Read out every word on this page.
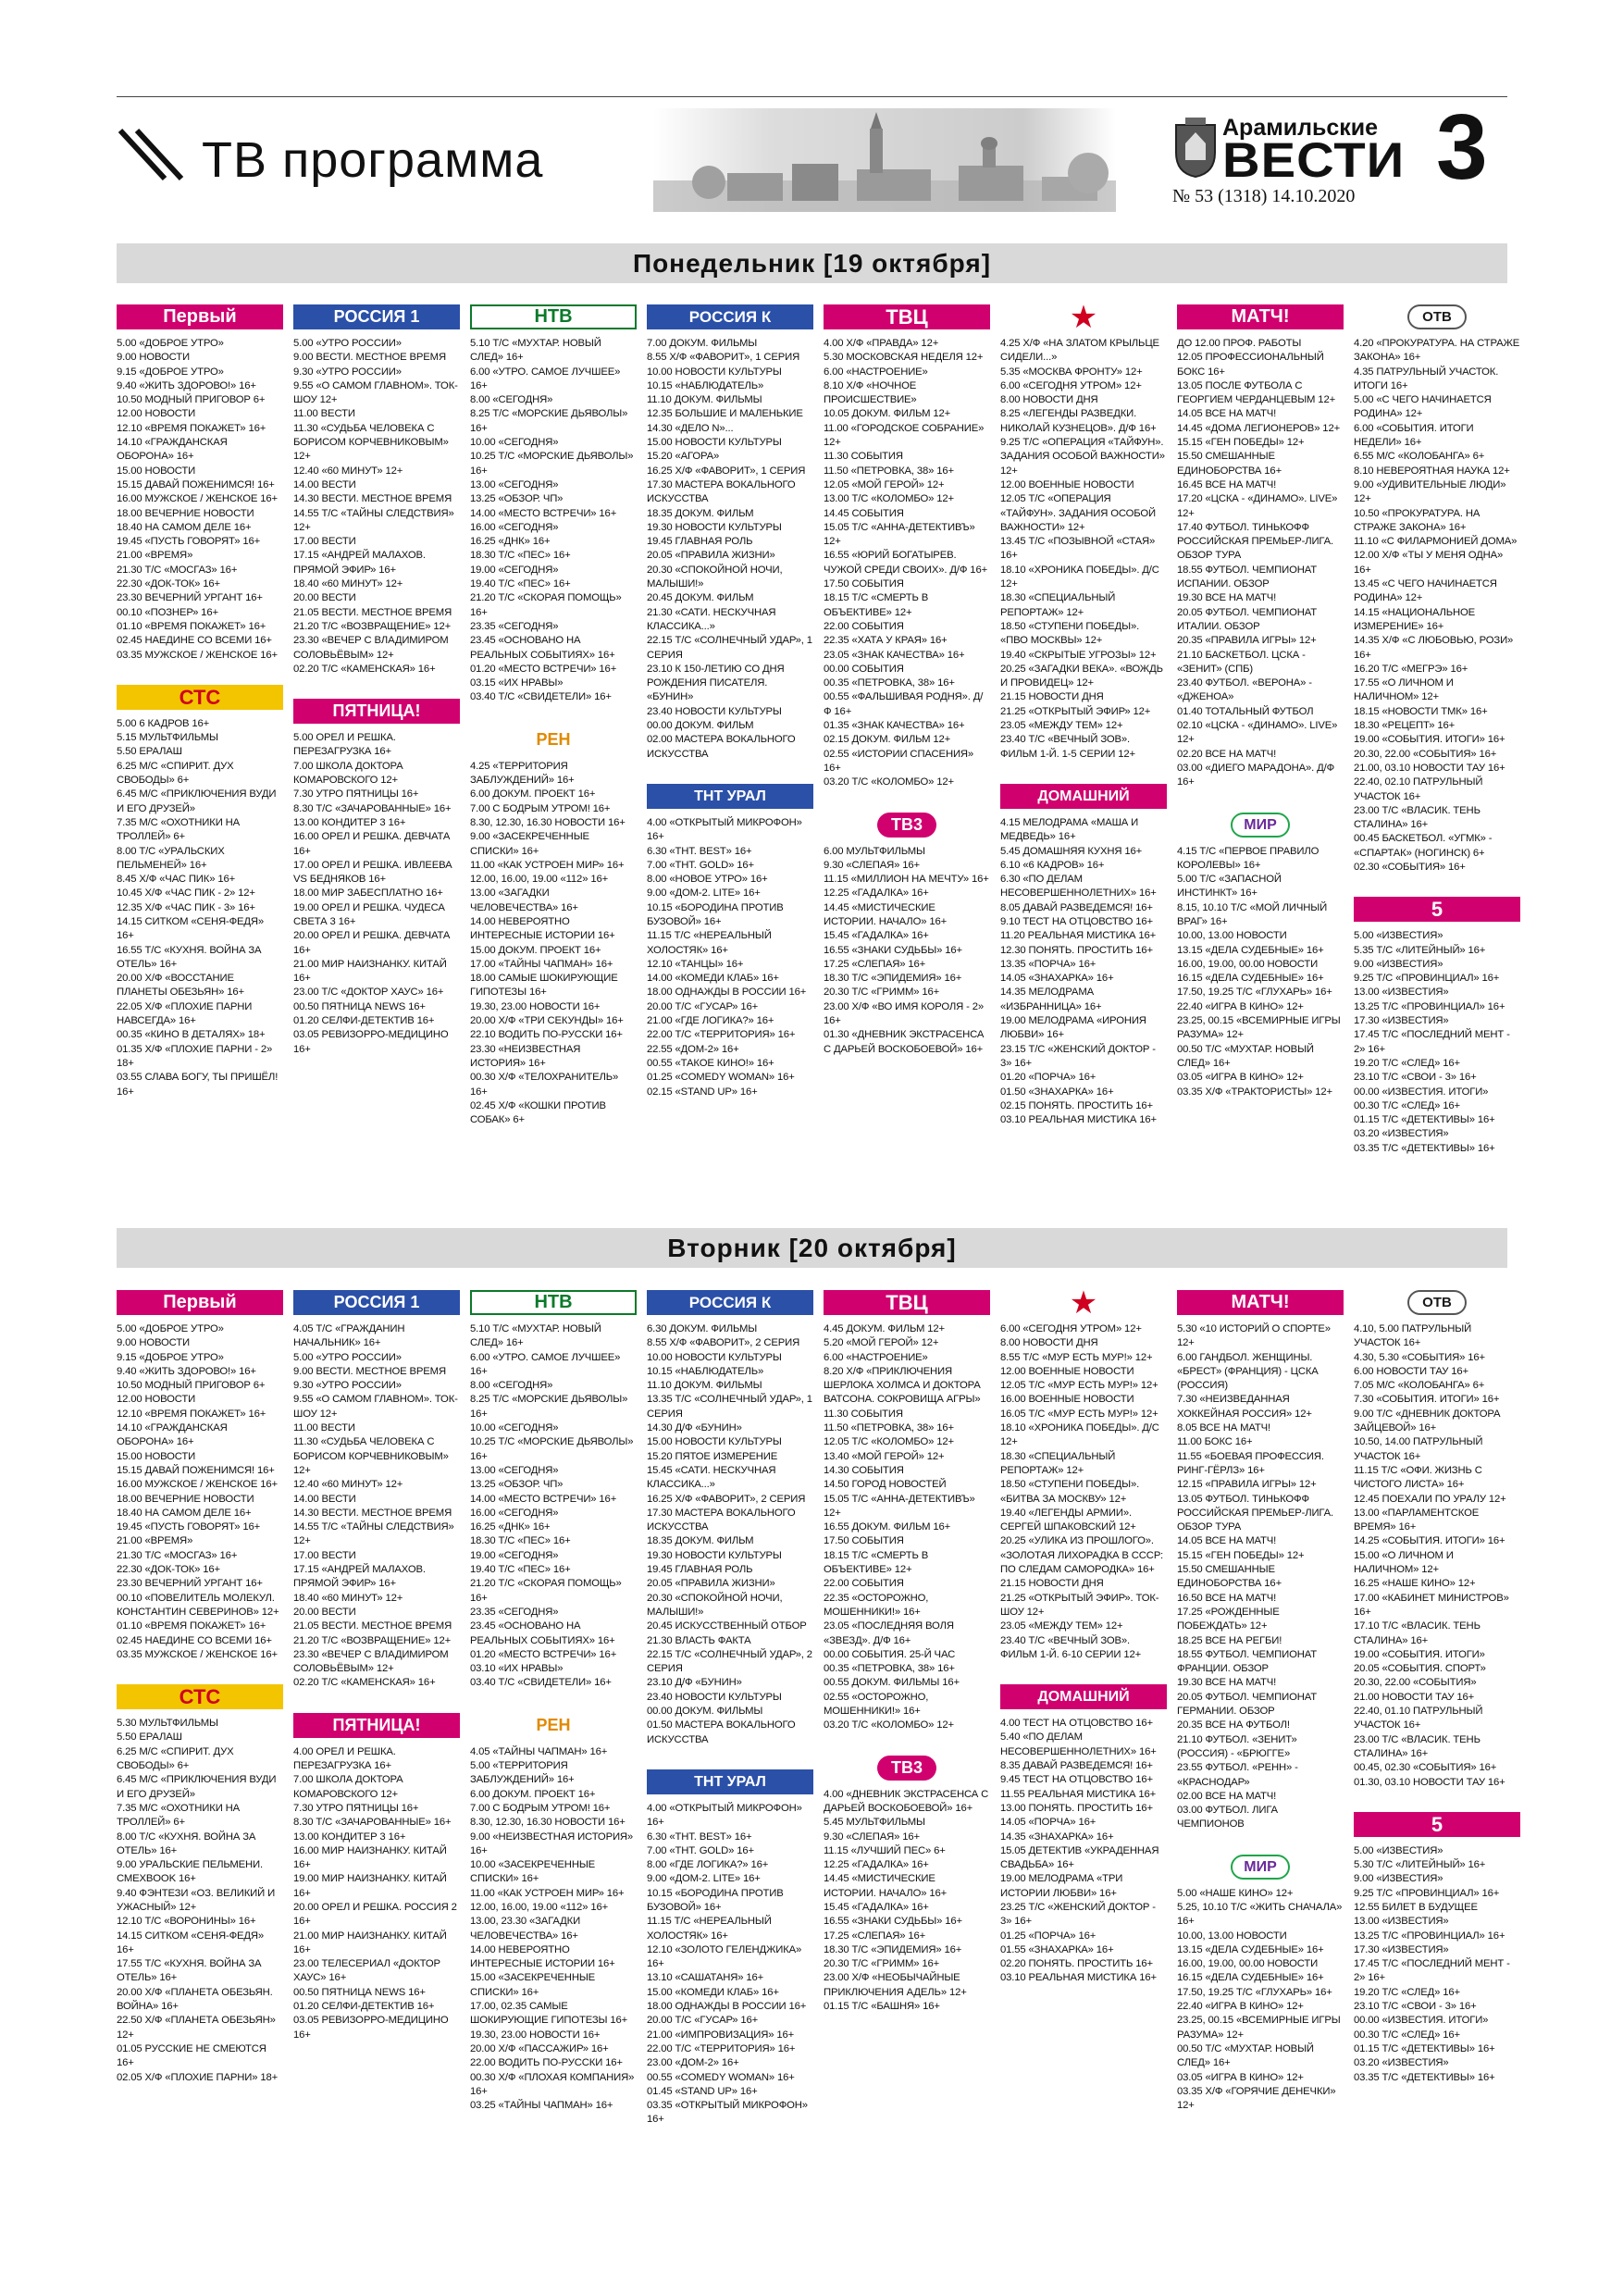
ТВ программа
Арамильские
ВЕСТИ
№ 53 (1318) 14.10.2020 3
Понедельник [19 октября]
Вторник [20 октября]
Первый
5.00 «ДОБРОЕ УТРО»
9.00 НОВОСТИ
9.15 «ДОБРОЕ УТРО»
9.40 «ЖИТЬ ЗДОРОВО!» 16+
10.50 МОДНЫЙ ПРИГОВОР 6+
12.00 НОВОСТИ
12.10 «ВРЕМЯ ПОКАЖЕТ» 16+
14.10 «ГРАЖДАНСКАЯ ОБОРОНА» 16+
15.00 НОВОСТИ
15.15 ДАВАЙ ПОЖЕНИМСЯ! 16+
16.00 МУЖСКОЕ / ЖЕНСКОЕ 16+
18.00 ВЕЧЕРНИЕ НОВОСТИ
18.40 НА САМОМ ДЕЛЕ 16+
19.45 «ПУСТЬ ГОВОРЯТ» 16+
21.00 «ВРЕМЯ»
21.30 Т/С «МОСГАЗ» 16+
22.30 «ДОК-ТОК» 16+
23.30 ВЕЧЕРНИЙ УРГАНТ 16+
00.10 «ПОЗНЕР» 16+
01.10 «ВРЕМЯ ПОКАЖЕТ» 16+
02.45 НАЕДИНЕ СО ВСЕМИ 16+
03.35 МУЖСКОЕ / ЖЕНСКОЕ 16+
СТС
5.00 6 КАДРОВ 16+
5.15 МУЛЬТФИЛЬМЫ
5.50 ЕРАЛАШ
6.25 М/С «СПИРИТ. ДУХ СВОБОДЫ» 6+
6.45 М/С «ПРИКЛЮЧЕНИЯ ВУДИ И ЕГО ДРУЗЕЙ»
7.35 М/С «ОХОТНИКИ НА ТРОЛЛЕЙ» 6+
8.00 Т/С «УРАЛЬСКИХ ПЕЛЬМЕНЕЙ» 16+
8.45 Х/Ф «ЧАС ПИК» 16+
10.45 Х/Ф «ЧАС ПИК - 2» 12+
12.35 Х/Ф «ЧАС ПИК - 3» 16+
14.15 СИТКОМ «СЕНЯ-ФЕДЯ» 16+
16.55 Т/С «КУХНЯ. ВОЙНА ЗА ОТЕЛЬ» 16+
20.00 Х/Ф «ВОССТАНИЕ ПЛАНЕТЫ ОБЕЗЬЯН» 16+
22.05 Х/Ф «ПЛОХИЕ ПАРНИ НАВСЕГДА» 16+
00.35 «КИНО В ДЕТАЛЯХ» 18+
01.35 Х/Ф «ПЛОХИЕ ПАРНИ - 2» 18+
03.55 СЛАВА БОГУ, ТЫ ПРИШЁЛ! 16+
РОССИЯ 1
5.00 «УТРО РОССИИ»
9.00 ВЕСТИ. МЕСТНОЕ ВРЕМЯ
9.30 «УТРО РОССИИ»
9.55 «О САМОМ ГЛАВНОМ». ТОК-ШОУ 12+
11.00 ВЕСТИ
11.30 «СУДЬБА ЧЕЛОВЕКА С БОРИСОМ КОРЧЕВНИКОВЫМ» 12+
12.40 «60 МИНУТ» 12+
14.00 ВЕСТИ
14.30 ВЕСТИ. МЕСТНОЕ ВРЕМЯ
14.55 Т/С «ТАЙНЫ СЛЕДСТВИЯ» 12+
17.00 ВЕСТИ
17.15 «АНДРЕЙ МАЛАХОВ. ПРЯМОЙ ЭФИР» 16+
18.40 «60 МИНУТ» 12+
20.00 ВЕСТИ
21.05 ВЕСТИ. МЕСТНОЕ ВРЕМЯ
21.20 Т/С «ВОЗВРАЩЕНИЕ» 12+
23.30 «ВЕЧЕР С ВЛАДИМИРОМ СОЛОВЬЁВЫМ» 12+
02.20 Т/С «КАМЕНСКАЯ» 16+
ПЯТНИЦА!
5.00 ОРЕЛ И РЕШКА. ПЕРЕЗАГРУЗКА 16+
7.00 ШКОЛА ДОКТОРА КОМАРОВСКОГО 12+
7.30 УТРО ПЯТНИЦЫ 16+
8.30 Т/С «ЗАЧАРОВАННЫЕ» 16+
13.00 КОНДИТЕР 3 16+
16.00 ОРЕЛ И РЕШКА. ДЕВЧАТА 16+
17.00 ОРЕЛ И РЕШКА. ИВЛЕЕВА VS БЕДНЯКОВ 16+
18.00 МИР ЗАБЕСПЛАТНО 16+
19.00 ОРЕЛ И РЕШКА. ЧУДЕСА СВЕТА 3 16+
20.00 ОРЕЛ И РЕШКА. ДЕВЧАТА 16+
21.00 МИР НАИЗНАНКУ. КИТАЙ 16+
23.00 Т/С «ДОКТОР ХАУС» 16+
00.50 ПЯТНИЦА NEWS 16+
01.20 СЕЛФИ-ДЕТЕКТИВ 16+
03.05 РЕВИЗОРРО-МЕДИЦИНО 16+
НТВ
5.10 Т/С «МУХТАР. НОВЫЙ СЛЕД» 16+
6.00 «УТРО. САМОЕ ЛУЧШЕЕ» 16+
8.00 «СЕГОДНЯ»
8.25 Т/С «МОРСКИЕ ДЬЯВОЛЫ» 16+
10.00 «СЕГОДНЯ»
10.25 Т/С «МОРСКИЕ ДЬЯВОЛЫ» 16+
13.00 «СЕГОДНЯ»
13.25 «ОБЗОР. ЧП»
14.00 «МЕСТО ВСТРЕЧИ» 16+
16.00 «СЕГОДНЯ»
16.25 «ДНК» 16+
18.30 Т/С «ПЕС» 16+
19.00 «СЕГОДНЯ»
19.40 Т/С «ПЕС» 16+
21.20 Т/С «СКОРАЯ ПОМОЩЬ» 16+
23.35 «СЕГОДНЯ»
23.45 «ОСНОВАНО НА РЕАЛЬНЫХ СОБЫТИЯХ» 16+
01.20 «МЕСТО ВСТРЕЧИ» 16+
03.15 «ИХ НРАВЫ»
03.40 Т/С «СВИДЕТЕЛИ» 16+
РЕН
4.25 «ТЕРРИТОРИЯ ЗАБЛУЖДЕНИЙ» 16+
6.00 ДОКУМ. ПРОЕКТ 16+
7.00 С БОДРЫМ УТРОМ! 16+
8.30, 12.30, 16.30 НОВОСТИ 16+
9.00 «ЗАСЕКРЕЧЕННЫЕ СПИСКИ» 16+
11.00 «КАК УСТРОЕН МИР» 16+
12.00, 16.00, 19.00 «112» 16+
13.00 «ЗАГАДКИ ЧЕЛОВЕЧЕСТВА» 16+
14.00 НЕВЕРОЯТНО ИНТЕРЕСНЫЕ ИСТОРИИ 16+
15.00 ДОКУМ. ПРОЕКТ 16+
17.00 «ТАЙНЫ ЧАПМАН» 16+
18.00 САМЫЕ ШОКИРУЮЩИЕ ГИПОТЕЗЫ 16+
19.30, 23.00 НОВОСТИ 16+
20.00 Х/Ф «ТРИ СЕКУНДЫ» 16+
22.10 ВОДИТЬ ПО-РУССКИ 16+
23.30 «НЕИЗВЕСТНАЯ ИСТОРИЯ» 16+
00.30 Х/Ф «ТЕЛОХРАНИТЕЛЬ» 16+
02.45 Х/Ф «КОШКИ ПРОТИВ СОБАК» 6+
РОССИЯ К
7.00 ДОКУМ. ФИЛЬМЫ
8.55 Х/Ф «ФАВОРИТ», 1 СЕРИЯ
10.00 НОВОСТИ КУЛЬТУРЫ
10.15 «НАБЛЮДАТЕЛЬ»
11.10 ДОКУМ. ФИЛЬМЫ
12.35 БОЛЬШИЕ И МАЛЕНЬКИЕ
14.30 «ДЕЛО N»...
15.00 НОВОСТИ КУЛЬТУРЫ
15.20 «АГОРА»
16.25 Х/Ф «ФАВОРИТ», 1 СЕРИЯ
17.30 МАСТЕРА ВОКАЛЬНОГО ИСКУССТВА
18.35 ДОКУМ. ФИЛЬМ
19.30 НОВОСТИ КУЛЬТУРЫ
19.45 ГЛАВНАЯ РОЛЬ
20.05 «ПРАВИЛА ЖИЗНИ»
20.30 «СПОКОЙНОЙ НОЧИ, МАЛЫШИ!»
20.45 ДОКУМ. ФИЛЬМ
21.30 «САТИ. НЕСКУЧНАЯ КЛАССИКА...»
22.15 Т/С «СОЛНЕЧНЫЙ УДАР», 1 СЕРИЯ
23.10 К 150-ЛЕТИЮ СО ДНЯ РОЖДЕНИЯ ПИСАТЕЛЯ. «БУНИН»
23.40 НОВОСТИ КУЛЬТУРЫ
00.00 ДОКУМ. ФИЛЬМ
02.00 МАСТЕРА ВОКАЛЬНОГО ИСКУССТВА
ТНТ УРАЛ
4.00 «ОТКРЫТЫЙ МИКРОФОН» 16+
6.30 «ТНТ. BEST» 16+
7.00 «ТНТ. GOLD» 16+
8.00 «НОВОЕ УТРО» 16+
9.00 «ДОМ-2. LITE» 16+
10.15 «БОРОДИНА ПРОТИВ БУЗОВОЙ» 16+
11.15 Т/С «НЕРЕАЛЬНЫЙ ХОЛОСТЯК» 16+
12.10 «ТАНЦЫ» 16+
14.00 «КОМЕДИ КЛАБ» 16+
18.00 ОДНАЖДЫ В РОССИИ 16+
20.00 Т/С «ГУСАР» 16+
21.00 «ГДЕ ЛОГИКА?» 16+
22.00 Т/С «ТЕРРИТОРИЯ» 16+
22.55 «ДОМ-2» 16+
00.55 «ТАКОЕ КИНО!» 16+
01.25 «COMEDY WOMAN» 16+
02.15 «STAND UP» 16+
ТВЦ
4.00 Х/Ф «ПРАВДА» 12+
5.30 МОСКОВСКАЯ НЕДЕЛЯ 12+
6.00 «НАСТРОЕНИЕ»
8.10 Х/Ф «НОЧНОЕ ПРОИСШЕСТВИЕ»
10.05 ДОКУМ. ФИЛЬМ 12+
11.00 «ГОРОДСКОЕ СОБРАНИЕ» 12+
11.30 СОБЫТИЯ
11.50 «ПЕТРОВКА, 38» 16+
12.05 «МОЙ ГЕРОЙ» 12+
13.00 Т/С «КОЛОМБО» 12+
14.45 СОБЫТИЯ
15.05 Т/С «АННА-ДЕТЕКТИВЪ» 12+
16.55 «ЮРИЙ БОГАТЫРЕВ. ЧУЖОЙ СРЕДИ СВОИХ». Д/Ф 16+
17.50 СОБЫТИЯ
18.15 Т/С «СМЕРТЬ В ОБЪЕКТИВЕ» 12+
22.00 СОБЫТИЯ
22.35 «ХАТА У КРАЯ» 16+
23.05 «ЗНАК КАЧЕСТВА» 16+
00.00 СОБЫТИЯ
00.35 «ПЕТРОВКА, 38» 16+
00.55 «ФАЛЬШИВАЯ РОДНЯ». Д/Ф 16+
01.35 «ЗНАК КАЧЕСТВА» 16+
02.15 ДОКУМ. ФИЛЬМ 12+
02.55 «ИСТОРИИ СПАСЕНИЯ» 16+
03.20 Т/С «КОЛОМБО» 12+
ТВ3
6.00 МУЛЬТФИЛЬМЫ
9.30 «СЛЕПАЯ» 16+
11.15 «МИЛЛИОН НА МЕЧТУ» 16+
12.25 «ГАДАЛКА» 16+
14.45 «МИСТИЧЕСКИЕ ИСТОРИИ. НАЧАЛО» 16+
15.45 «ГАДАЛКА» 16+
16.55 «ЗНАКИ СУДЬБЫ» 16+
17.25 «СЛЕПАЯ» 16+
18.30 Т/С «ЭПИДЕМИЯ» 16+
20.30 Т/С «ГРИММ» 16+
23.00 Х/Ф «ВО ИМЯ КОРОЛЯ - 2» 16+
01.30 «ДНЕВНИК ЭКСТРАСЕНСА С ДАРЬЕЙ ВОСКОБОЕВОЙ» 16+
★
4.25 Х/Ф «НА ЗЛАТОМ КРЫЛЬЦЕ СИДЕЛИ...»
5.35 «МОСКВА ФРОНТУ» 12+
6.00 «СЕГОДНЯ УТРОМ» 12+
8.00 НОВОСТИ ДНЯ
8.25 «ЛЕГЕНДЫ РАЗВЕДКИ. НИКОЛАЙ КУЗНЕЦОВ». Д/Ф 16+
9.25 Т/С «ОПЕРАЦИЯ «ТАЙФУН». ЗАДАНИЯ ОСОБОЙ ВАЖНОСТИ» 12+
12.00 ВОЕННЫЕ НОВОСТИ
12.05 Т/С «ОПЕРАЦИЯ «ТАЙФУН». ЗАДАНИЯ ОСОБОЙ ВАЖНОСТИ» 12+
13.45 Т/С «ПОЗЫВНОЙ «СТАЯ» 16+
18.10 «ХРОНИКА ПОБЕДЫ». Д/С 12+
18.30 «СПЕЦИАЛЬНЫЙ РЕПОРТАЖ» 12+
18.50 «СТУПЕНИ ПОБЕДЫ». «ПВО МОСКВЫ» 12+
19.40 «СКРЫТЫЕ УГРОЗЫ» 12+
20.25 «ЗАГАДКИ ВЕКА». «ВОЖДЬ И ПРОВИДЕЦ» 12+
21.15 НОВОСТИ ДНЯ
21.25 «ОТКРЫТЫЙ ЭФИР» 12+
23.05 «МЕЖДУ ТЕМ» 12+
23.40 Т/С «ВЕЧНЫЙ ЗОВ». ФИЛЬМ 1-Й. 1-5 СЕРИИ 12+
ДОМАШНИЙ
4.15 МЕЛОДРАМА «МАША И МЕДВЕДЬ» 16+
5.45 ДОМАШНЯЯ КУХНЯ 16+
6.10 «6 КАДРОВ» 16+
6.30 «ПО ДЕЛАМ НЕСОВЕРШЕННОЛЕТНИХ» 16+
8.05 ДАВАЙ РАЗВЕДЕМСЯ! 16+
9.10 ТЕСТ НА ОТЦОВСТВО 16+
11.20 РЕАЛЬНАЯ МИСТИКА 16+
12.30 ПОНЯТЬ. ПРОСТИТЬ 16+
13.35 «ПОРЧА» 16+
14.05 «ЗНАХАРКА» 16+
14.35 МЕЛОДРАМА «ИЗБРАННИЦА» 16+
19.00 МЕЛОДРАМА «ИРОНИЯ ЛЮБВИ» 16+
23.15 Т/С «ЖЕНСКИЙ ДОКТОР - 3» 16+
01.20 «ПОРЧА» 16+
01.50 «ЗНАХАРКА» 16+
02.15 ПОНЯТЬ. ПРОСТИТЬ 16+
03.10 РЕАЛЬНАЯ МИСТИКА 16+
МАТЧ!
ДО 12.00 ПРОФ. РАБОТЫ
12.05 ПРОФЕССИОНАЛЬНЫЙ БОКС 16+
13.05 ПОСЛЕ ФУТБОЛА С ГЕОРГИЕМ ЧЕРДАНЦЕВЫМ 12+
14.05 ВСЕ НА МАТЧ!
14.45 «ДОМА ЛЕГИОНЕРОВ» 12+
15.15 «ГЕН ПОБЕДЫ» 12+
15.50 СМЕШАННЫЕ ЕДИНОБОРСТВА 16+
16.45 ВСЕ НА МАТЧ!
17.20 «ЦСКА - «ДИНАМО». LIVE» 12+
17.40 ФУТБОЛ. ТИНЬКОФФ РОССИЙСКАЯ ПРЕМЬЕР-ЛИГА. ОБЗОР ТУРА
18.55 ФУТБОЛ. ЧЕМПИОНАТ ИСПАНИИ. ОБЗОР
19.30 ВСЕ НА МАТЧ!
20.05 ФУТБОЛ. ЧЕМПИОНАТ ИТАЛИИ. ОБЗОР
20.35 «ПРАВИЛА ИГРЫ» 12+
21.10 БАСКЕТБОЛ. ЦСКА - «ЗЕНИТ» (СПБ)
23.40 ФУТБОЛ. «ВЕРОНА» - «ДЖЕНОА»
01.40 ТОТАЛЬНЫЙ ФУТБОЛ
02.10 «ЦСКА - «ДИНАМО». LIVE» 12+
02.20 ВСЕ НА МАТЧ!
03.00 «ДИЕГО МАРАДОНА». Д/Ф 16+
МИР
4.15 Т/С «ПЕРВОЕ ПРАВИЛО КОРОЛЕВЫ» 16+
5.00 Т/С «ЗАПАСНОЙ ИНСТИНКТ» 16+
8.15, 10.10 Т/С «МОЙ ЛИЧНЫЙ ВРАГ» 16+
10.00, 13.00 НОВОСТИ
13.15 «ДЕЛА СУДЕБНЫЕ» 16+
16.00, 19.00, 00.00 НОВОСТИ
16.15 «ДЕЛА СУДЕБНЫЕ» 16+
17.50, 19.25 Т/С «ГЛУХАРЬ» 16+
22.40 «ИГРА В КИНО» 12+
23.25, 00.15 «ВСЕМИРНЫЕ ИГРЫ РАЗУМА» 12+
00.50 Т/С «МУХТАР. НОВЫЙ СЛЕД» 16+
03.05 «ИГРА В КИНО» 12+
03.35 Х/Ф «ТРАКТОРИСТЫ» 12+
ОТВ
4.20 «ПРОКУРАТУРА. НА СТРАЖЕ ЗАКОНА» 16+
4.35 ПАТРУЛЬНЫЙ УЧАСТОК. ИТОГИ 16+
5.00 «С ЧЕГО НАЧИНАЕТСЯ РОДИНА» 12+
6.00 «СОБЫТИЯ. ИТОГИ НЕДЕЛИ» 16+
6.55 М/С «КОЛОБАНГА» 6+
8.10 НЕВЕРОЯТНАЯ НАУКА 12+
9.00 «УДИВИТЕЛЬНЫЕ ЛЮДИ» 12+
10.50 «ПРОКУРАТУРА. НА СТРАЖЕ ЗАКОНА» 16+
11.10 «С ФИЛАРМОНИЕЙ ДОМА»
12.00 Х/Ф «ТЫ У МЕНЯ ОДНА» 16+
13.45 «С ЧЕГО НАЧИНАЕТСЯ РОДИНА» 12+
14.15 «НАЦИОНАЛЬНОЕ ИЗМЕРЕНИЕ» 16+
14.35 Х/Ф «С ЛЮБОВЬЮ, РОЗИ» 16+
16.20 Т/С «МЕГРЭ» 16+
17.55 «О ЛИЧНОМ И НАЛИЧНОМ» 12+
18.15 «НОВОСТИ ТМК» 16+
18.30 «РЕЦЕПТ» 16+
19.00 «СОБЫТИЯ. ИТОГИ» 16+
20.30, 22.00 «СОБЫТИЯ» 16+
21.00, 03.10 НОВОСТИ ТАУ 16+
22.40, 02.10 ПАТРУЛЬНЫЙ УЧАСТОК 16+
23.00 Т/С «ВЛАСИК. ТЕНЬ СТАЛИНА» 16+
00.45 БАСКЕТБОЛ. «УГМК» - «СПАРТАК» (НОГИНСК) 6+
02.30 «СОБЫТИЯ» 16+
5
5.00 «ИЗВЕСТИЯ»
5.35 Т/С «ЛИТЕЙНЫЙ» 16+
9.00 «ИЗВЕСТИЯ»
9.25 Т/С «ПРОВИНЦИАЛ» 16+
13.00 «ИЗВЕСТИЯ»
13.25 Т/С «ПРОВИНЦИАЛ» 16+
17.30 «ИЗВЕСТИЯ»
17.45 Т/С «ПОСЛЕДНИЙ МЕНТ - 2» 16+
19.20 Т/С «СЛЕД» 16+
23.10 Т/С «СВОИ - 3» 16+
00.00 «ИЗВЕСТИЯ. ИТОГИ»
00.30 Т/С «СЛЕД» 16+
01.15 Т/С «ДЕТЕКТИВЫ» 16+
03.20 «ИЗВЕСТИЯ»
03.35 Т/С «ДЕТЕКТИВЫ» 16+
Первый
5.00 «ДОБРОЕ УТРО»
9.00 НОВОСТИ
9.15 «ДОБРОЕ УТРО»
9.40 «ЖИТЬ ЗДОРОВО!» 16+
10.50 МОДНЫЙ ПРИГОВОР 6+
12.00 НОВОСТИ
12.10 «ВРЕМЯ ПОКАЖЕТ» 16+
14.10 «ГРАЖДАНСКАЯ ОБОРОНА» 16+
15.00 НОВОСТИ
15.15 ДАВАЙ ПОЖЕНИМСЯ! 16+
16.00 МУЖСКОЕ / ЖЕНСКОЕ 16+
18.00 ВЕЧЕРНИЕ НОВОСТИ
18.40 НА САМОМ ДЕЛЕ 16+
19.45 «ПУСТЬ ГОВОРЯТ» 16+
21.00 «ВРЕМЯ»
21.30 Т/С «МОСГАЗ» 16+
22.30 «ДОК-ТОК» 16+
23.30 ВЕЧЕРНИЙ УРГАНТ 16+
00.10 «ПОВЕЛИТЕЛЬ МОЛЕКУЛ. КОНСТАНТИН СЕВЕРИНОВ» 12+
01.10 «ВРЕМЯ ПОКАЖЕТ» 16+
02.45 НАЕДИНЕ СО ВСЕМИ 16+
03.35 МУЖСКОЕ / ЖЕНСКОЕ 16+
СТС
5.30 МУЛЬТФИЛЬМЫ
5.50 ЕРАЛАШ
6.25 М/С «СПИРИТ. ДУХ СВОБОДЫ» 6+
6.45 М/С «ПРИКЛЮЧЕНИЯ ВУДИ И ЕГО ДРУЗЕЙ»
7.35 М/С «ОХОТНИКИ НА ТРОЛЛЕЙ» 6+
8.00 Т/С «КУХНЯ. ВОЙНА ЗА ОТЕЛЬ» 16+
9.00 УРАЛЬСКИЕ ПЕЛЬМЕНИ. СМЕХBOOK 16+
9.40 ФЭНТЕЗИ «ОЗ. ВЕЛИКИЙ И УЖАСНЫЙ» 12+
12.10 Т/С «ВОРОНИНЫ» 16+
14.15 СИТКОМ «СЕНЯ-ФЕДЯ» 16+
17.55 Т/С «КУХНЯ. ВОЙНА ЗА ОТЕЛЬ» 16+
20.00 Х/Ф «ПЛАНЕТА ОБЕЗЬЯН. ВОЙНА» 16+
22.50 Х/Ф «ПЛАНЕТА ОБЕЗЬЯН» 12+
01.05 РУССКИЕ НЕ СМЕЮТСЯ 16+
02.05 Х/Ф «ПЛОХИЕ ПАРНИ» 18+
РОССИЯ 1
4.05 Т/С «ГРАЖДАНИН НАЧАЛЬНИК» 16+
5.00 «УТРО РОССИИ»
9.00 ВЕСТИ. МЕСТНОЕ ВРЕМЯ
9.30 «УТРО РОССИИ»
9.55 «О САМОМ ГЛАВНОМ». ТОК-ШОУ 12+
11.00 ВЕСТИ
11.30 «СУДЬБА ЧЕЛОВЕКА С БОРИСОМ КОРЧЕВНИКОВЫМ» 12+
12.40 «60 МИНУТ» 12+
14.00 ВЕСТИ
14.30 ВЕСТИ. МЕСТНОЕ ВРЕМЯ
14.55 Т/С «ТАЙНЫ СЛЕДСТВИЯ» 12+
17.00 ВЕСТИ
17.15 «АНДРЕЙ МАЛАХОВ. ПРЯМОЙ ЭФИР» 16+
18.40 «60 МИНУТ» 12+
20.00 ВЕСТИ
21.05 ВЕСТИ. МЕСТНОЕ ВРЕМЯ
21.20 Т/С «ВОЗВРАЩЕНИЕ» 12+
23.30 «ВЕЧЕР С ВЛАДИМИРОМ СОЛОВЬЁВЫМ» 12+
02.20 Т/С «КАМЕНСКАЯ» 16+
ПЯТНИЦА!
4.00 ОРЕЛ И РЕШКА. ПЕРЕЗАГРУЗКА 16+
7.00 ШКОЛА ДОКТОРА КОМАРОВСКОГО 12+
7.30 УТРО ПЯТНИЦЫ 16+
8.30 Т/С «ЗАЧАРОВАННЫЕ» 16+
13.00 КОНДИТЕР 3 16+
16.00 МИР НАИЗНАНКУ. КИТАЙ 16+
19.00 МИР НАИЗНАНКУ. КИТАЙ 16+
20.00 ОРЕЛ И РЕШКА. РОССИЯ 2 16+
21.00 МИР НАИЗНАНКУ. КИТАЙ 16+
23.00 ТЕЛЕСЕРИАЛ «ДОКТОР ХАУС» 16+
00.50 ПЯТНИЦА NEWS 16+
01.20 СЕЛФИ-ДЕТЕКТИВ 16+
03.05 РЕВИЗОРРО-МЕДИЦИНО 16+
НТВ
5.10 Т/С «МУХТАР. НОВЫЙ СЛЕД» 16+
6.00 «УТРО. САМОЕ ЛУЧШЕЕ» 16+
8.00 «СЕГОДНЯ»
8.25 Т/С «МОРСКИЕ ДЬЯВОЛЫ» 16+
10.00 «СЕГОДНЯ»
10.25 Т/С «МОРСКИЕ ДЬЯВОЛЫ» 16+
13.00 «СЕГОДНЯ»
13.25 «ОБЗОР. ЧП»
14.00 «МЕСТО ВСТРЕЧИ» 16+
16.00 «СЕГОДНЯ»
16.25 «ДНК» 16+
18.30 Т/С «ПЕС» 16+
19.00 «СЕГОДНЯ»
19.40 Т/С «ПЕС» 16+
21.20 Т/С «СКОРАЯ ПОМОЩЬ» 16+
23.35 «СЕГОДНЯ»
23.45 «ОСНОВАНО НА РЕАЛЬНЫХ СОБЫТИЯХ» 16+
01.20 «МЕСТО ВСТРЕЧИ» 16+
03.10 «ИХ НРАВЫ»
03.40 Т/С «СВИДЕТЕЛИ» 16+
РЕН
4.05 «ТАЙНЫ ЧАПМАН» 16+
5.00 «ТЕРРИТОРИЯ ЗАБЛУЖДЕНИЙ» 16+
6.00 ДОКУМ. ПРОЕКТ 16+
7.00 С БОДРЫМ УТРОМ! 16+
8.30, 12.30, 16.30 НОВОСТИ 16+
9.00 «НЕИЗВЕСТНАЯ ИСТОРИЯ» 16+
10.00 «ЗАСЕКРЕЧЕННЫЕ СПИСКИ» 16+
11.00 «КАК УСТРОЕН МИР» 16+
12.00, 16.00, 19.00 «112» 16+
13.00, 23.30 «ЗАГАДКИ ЧЕЛОВЕЧЕСТВА» 16+
14.00 НЕВЕРОЯТНО ИНТЕРЕСНЫЕ ИСТОРИИ 16+
15.00 «ЗАСЕКРЕЧЕННЫЕ СПИСКИ» 16+
17.00, 02.35 САМЫЕ ШОКИРУЮЩИЕ ГИПОТЕЗЫ 16+
19.30, 23.00 НОВОСТИ 16+
20.00 Х/Ф «ПАССАЖИР» 16+
22.00 ВОДИТЬ ПО-РУССКИ 16+
00.30 Х/Ф «ПЛОХАЯ КОМПАНИЯ» 16+
03.25 «ТАЙНЫ ЧАПМАН» 16+
РОССИЯ К
6.30 ДОКУМ. ФИЛЬМЫ
8.55 Х/Ф «ФАВОРИТ», 2 СЕРИЯ
10.00 НОВОСТИ КУЛЬТУРЫ
10.15 «НАБЛЮДАТЕЛЬ»
11.10 ДОКУМ. ФИЛЬМЫ
13.35 Т/С «СОЛНЕЧНЫЙ УДАР», 1 СЕРИЯ
14.30 Д/Ф «БУНИН»
15.00 НОВОСТИ КУЛЬТУРЫ
15.20 ПЯТОЕ ИЗМЕРЕНИЕ
15.45 «САТИ. НЕСКУЧНАЯ КЛАССИКА...»
16.25 Х/Ф «ФАВОРИТ», 2 СЕРИЯ
17.30 МАСТЕРА ВОКАЛЬНОГО ИСКУССТВА
18.35 ДОКУМ. ФИЛЬМ
19.30 НОВОСТИ КУЛЬТУРЫ
19.45 ГЛАВНАЯ РОЛЬ
20.05 «ПРАВИЛА ЖИЗНИ»
20.30 «СПОКОЙНОЙ НОЧИ, МАЛЫШИ!»
20.45 ИСКУССТВЕННЫЙ ОТБОР
21.30 ВЛАСТЬ ФАКТА
22.15 Т/С «СОЛНЕЧНЫЙ УДАР», 2 СЕРИЯ
23.10 Д/Ф «БУНИН»
23.40 НОВОСТИ КУЛЬТУРЫ
00.00 ДОКУМ. ФИЛЬМЫ
01.50 МАСТЕРА ВОКАЛЬНОГО ИСКУССТВА
ТНТ УРАЛ
4.00 «ОТКРЫТЫЙ МИКРОФОН» 16+
6.30 «ТНТ. BEST» 16+
7.00 «ТНТ. GOLD» 16+
8.00 «ГДЕ ЛОГИКА?» 16+
9.00 «ДОМ-2. LITE» 16+
10.15 «БОРОДИНА ПРОТИВ БУЗОВОЙ» 16+
11.15 Т/С «НЕРЕАЛЬНЫЙ ХОЛОСТЯК» 16+
12.10 «ЗОЛОТО ГЕЛЕНДЖИКА» 16+
13.10 «САШАТАНЯ» 16+
15.00 «КОМЕДИ КЛАБ» 16+
18.00 ОДНАЖДЫ В РОССИИ 16+
20.00 Т/С «ГУСАР» 16+
21.00 «ИМПРОВИЗАЦИЯ» 16+
22.00 Т/С «ТЕРРИТОРИЯ» 16+
23.00 «ДОМ-2» 16+
00.55 «COMEDY WOMAN» 16+
01.45 «STAND UP» 16+
03.35 «ОТКРЫТЫЙ МИКРОФОН» 16+
ТВЦ
4.45 ДОКУМ. ФИЛЬМ 12+
5.20 «МОЙ ГЕРОЙ» 12+
6.00 «НАСТРОЕНИЕ»
8.20 Х/Ф «ПРИКЛЮЧЕНИЯ ШЕРЛОКА ХОЛМСА И ДОКТОРА ВАТСОНА. СОКРОВИЩА АГРЫ»
11.30 СОБЫТИЯ
11.50 «ПЕТРОВКА, 38» 16+
12.05 Т/С «КОЛОМБО» 12+
13.40 «МОЙ ГЕРОЙ» 12+
14.30 СОБЫТИЯ
14.50 ГОРОД НОВОСТЕЙ
15.05 Т/С «АННА-ДЕТЕКТИВЪ» 12+
16.55 ДОКУМ. ФИЛЬМ 16+
17.50 СОБЫТИЯ
18.15 Т/С «СМЕРТЬ В ОБЪЕКТИВЕ» 12+
22.00 СОБЫТИЯ
22.35 «ОСТОРОЖНО, МОШЕННИКИ!» 16+
23.05 «ПОСЛЕДНЯЯ ВОЛЯ «ЗВЕЗД». Д/Ф 16+
00.00 СОБЫТИЯ. 25-Й ЧАС
00.35 «ПЕТРОВКА, 38» 16+
00.55 ДОКУМ. ФИЛЬМЫ 16+
02.55 «ОСТОРОЖНО, МОШЕННИКИ!» 16+
03.20 Т/С «КОЛОМБО» 12+
ТВ3
4.00 «ДНЕВНИК ЭКСТРАСЕНСА С ДАРЬЕЙ ВОСКОБОЕВОЙ» 16+
5.45 МУЛЬТФИЛЬМЫ
9.30 «СЛЕПАЯ» 16+
11.15 «ЛУЧШИЙ ПЕС» 6+
12.25 «ГАДАЛКА» 16+
14.45 «МИСТИЧЕСКИЕ ИСТОРИИ. НАЧАЛО» 16+
15.45 «ГАДАЛКА» 16+
16.55 «ЗНАКИ СУДЬБЫ» 16+
17.25 «СЛЕПАЯ» 16+
18.30 Т/С «ЭПИДЕМИЯ» 16+
20.30 Т/С «ГРИММ» 16+
23.00 Х/Ф «НЕОБЫЧАЙНЫЕ ПРИКЛЮЧЕНИЯ АДЕЛЬ» 12+
01.15 Т/С «БАШНЯ» 16+
★
6.00 «СЕГОДНЯ УТРОМ» 12+
8.00 НОВОСТИ ДНЯ
8.55 Т/С «МУР ЕСТЬ МУР!» 12+
12.00 ВОЕННЫЕ НОВОСТИ
12.05 Т/С «МУР ЕСТЬ МУР!» 12+
16.00 ВОЕННЫЕ НОВОСТИ
16.05 Т/С «МУР ЕСТЬ МУР!» 12+
18.10 «ХРОНИКА ПОБЕДЫ». Д/С 12+
18.30 «СПЕЦИАЛЬНЫЙ РЕПОРТАЖ» 12+
18.50 «СТУПЕНИ ПОБЕДЫ». «БИТВА ЗА МОСКВУ» 12+
19.40 «ЛЕГЕНДЫ АРМИИ». СЕРГЕЙ ШПАКОВСКИЙ 12+
20.25 «УЛИКА ИЗ ПРОШЛОГО». «ЗОЛОТАЯ ЛИХОРАДКА В СССР: ПО СЛЕДАМ САМОРОДКА» 16+
21.15 НОВОСТИ ДНЯ
21.25 «ОТКРЫТЫЙ ЭФИР». ТОК-ШОУ 12+
23.05 «МЕЖДУ ТЕМ» 12+
23.40 Т/С «ВЕЧНЫЙ ЗОВ». ФИЛЬМ 1-Й. 6-10 СЕРИИ 12+
ДОМАШНИЙ
4.00 ТЕСТ НА ОТЦОВСТВО 16+
5.40 «ПО ДЕЛАМ НЕСОВЕРШЕННОЛЕТНИХ» 16+
8.35 ДАВАЙ РАЗВЕДЕМСЯ! 16+
9.45 ТЕСТ НА ОТЦОВСТВО 16+
11.55 РЕАЛЬНАЯ МИСТИКА 16+
13.00 ПОНЯТЬ. ПРОСТИТЬ 16+
14.05 «ПОРЧА» 16+
14.35 «ЗНАХАРКА» 16+
15.05 ДЕТЕКТИВ «УКРАДЕННАЯ СВАДЬБА» 16+
19.00 МЕЛОДРАМА «ТРИ ИСТОРИИ ЛЮБВИ» 16+
23.25 Т/С «ЖЕНСКИЙ ДОКТОР - 3» 16+
01.25 «ПОРЧА» 16+
01.55 «ЗНАХАРКА» 16+
02.20 ПОНЯТЬ. ПРОСТИТЬ 16+
03.10 РЕАЛЬНАЯ МИСТИКА 16+
МАТЧ!
5.30 «10 ИСТОРИЙ О СПОРТЕ» 12+
6.00 ГАНДБОЛ. ЖЕНЩИНЫ. «БРЕСТ» (ФРАНЦИЯ) - ЦСКА (РОССИЯ)
7.30 «НЕИЗВЕДАННАЯ ХОККЕЙНАЯ РОССИЯ» 12+
8.05 ВСЕ НА МАТЧ!
11.00 БОКС 16+
11.55 «БОЕВАЯ ПРОФЕССИЯ. РИНГ-ГЁРЛЗ» 16+
12.15 «ПРАВИЛА ИГРЫ» 12+
13.05 ФУТБОЛ. ТИНЬКОФФ РОССИЙСКАЯ ПРЕМЬЕР-ЛИГА. ОБЗОР ТУРА
14.05 ВСЕ НА МАТЧ!
15.15 «ГЕН ПОБЕДЫ» 12+
15.50 СМЕШАННЫЕ ЕДИНОБОРСТВА 16+
16.50 ВСЕ НА МАТЧ!
17.25 «РОЖДЕННЫЕ ПОБЕЖДАТЬ» 12+
18.25 ВСЕ НА РЕГБИ!
18.55 ФУТБОЛ. ЧЕМПИОНАТ ФРАНЦИИ. ОБЗОР
19.30 ВСЕ НА МАТЧ!
20.05 ФУТБОЛ. ЧЕМПИОНАТ ГЕРМАНИИ. ОБЗОР
20.35 ВСЕ НА ФУТБОЛ!
21.10 ФУТБОЛ. «ЗЕНИТ» (РОССИЯ) - «БРЮГГЕ»
23.55 ФУТБОЛ. «РЕНН» - «КРАСНОДАР»
02.00 ВСЕ НА МАТЧ!
03.00 ФУТБОЛ. ЛИГА ЧЕМПИОНОВ
МИР
5.00 «НАШЕ КИНО» 12+
5.25, 10.10 Т/С «ЖИТЬ СНАЧАЛА» 16+
10.00, 13.00 НОВОСТИ
13.15 «ДЕЛА СУДЕБНЫЕ» 16+
16.00, 19.00, 00.00 НОВОСТИ
16.15 «ДЕЛА СУДЕБНЫЕ» 16+
17.50, 19.25 Т/С «ГЛУХАРЬ» 16+
22.40 «ИГРА В КИНО» 12+
23.25, 00.15 «ВСЕМИРНЫЕ ИГРЫ РАЗУМА» 12+
00.50 Т/С «МУХТАР. НОВЫЙ СЛЕД» 16+
03.05 «ИГРА В КИНО» 12+
03.35 Х/Ф «ГОРЯЧИЕ ДЕНЕЧКИ» 12+
ОТВ
4.10, 5.00 ПАТРУЛЬНЫЙ УЧАСТОК 16+
4.30, 5.30 «СОБЫТИЯ» 16+
6.00 НОВОСТИ ТАУ 16+
7.05 М/С «КОЛОБАНГА» 6+
7.30 «СОБЫТИЯ. ИТОГИ» 16+
9.00 Т/С «ДНЕВНИК ДОКТОРА ЗАЙЦЕВОЙ» 16+
10.50, 14.00 ПАТРУЛЬНЫЙ УЧАСТОК 16+
11.15 Т/С «ОФИ. ЖИЗНЬ С ЧИСТОГО ЛИСТА» 16+
12.45 ПОЕХАЛИ ПО УРАЛУ 12+
13.00 «ПАРЛАМЕНТСКОЕ ВРЕМЯ» 16+
14.25 «СОБЫТИЯ. ИТОГИ» 16+
15.00 «О ЛИЧНОМ И НАЛИЧНОМ» 12+
16.25 «НАШЕ КИНО» 12+
17.00 «КАБИНЕТ МИНИСТРОВ» 16+
17.10 Т/С «ВЛАСИК. ТЕНЬ СТАЛИНА» 16+
19.00 «СОБЫТИЯ. ИТОГИ»
20.05 «СОБЫТИЯ. СПОРТ»
20.30, 22.00 «СОБЫТИЯ»
21.00 НОВОСТИ ТАУ 16+
22.40, 01.10 ПАТРУЛЬНЫЙ УЧАСТОК 16+
23.00 Т/С «ВЛАСИК. ТЕНЬ СТАЛИНА» 16+
00.45, 02.30 «СОБЫТИЯ» 16+
01.30, 03.10 НОВОСТИ ТАУ 16+
5
5.00 «ИЗВЕСТИЯ»
5.30 Т/С «ЛИТЕЙНЫЙ» 16+
9.00 «ИЗВЕСТИЯ»
9.25 Т/С «ПРОВИНЦИАЛ» 16+
12.55 БИЛЕТ В БУДУЩЕЕ
13.00 «ИЗВЕСТИЯ»
13.25 Т/С «ПРОВИНЦИАЛ» 16+
17.30 «ИЗВЕСТИЯ»
17.45 Т/С «ПОСЛЕДНИЙ МЕНТ - 2» 16+
19.20 Т/С «СЛЕД» 16+
23.10 Т/С «СВОИ - 3» 16+
00.00 «ИЗВЕСТИЯ. ИТОГИ»
00.30 Т/С «СЛЕД» 16+
01.15 Т/С «ДЕТЕКТИВЫ» 16+
03.20 «ИЗВЕСТИЯ»
03.35 Т/С «ДЕТЕКТИВЫ» 16+
